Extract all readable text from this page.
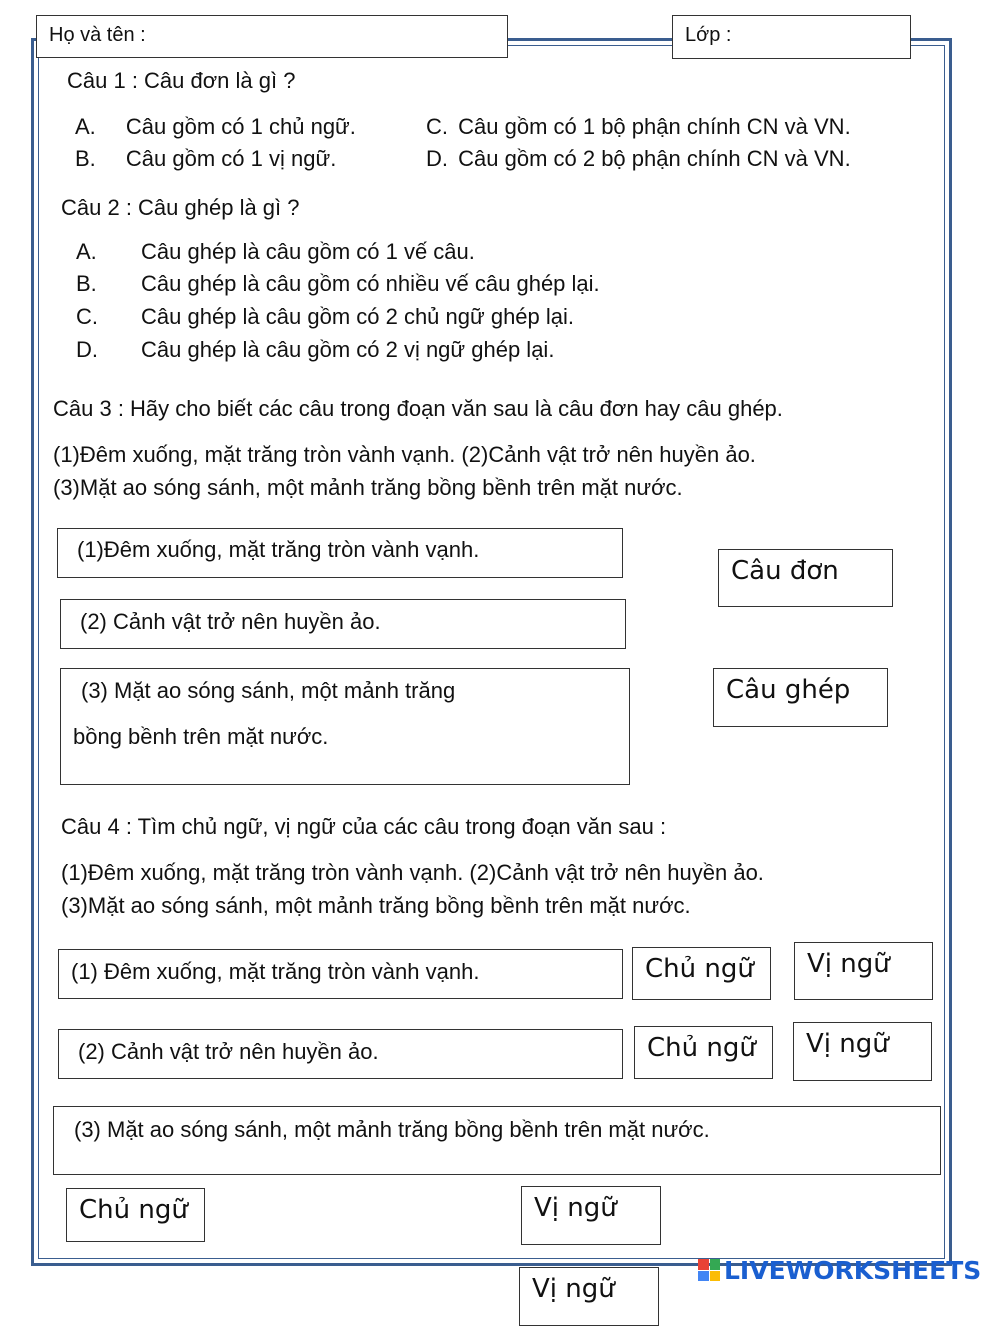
Họ và tên :	Lớp :
Câu 1 : Câu đơn là gì ?
A. Câu gồm có 1 chủ ngữ.	C. Câu gồm có 1 bộ phận chính CN và VN.
B. Câu gồm có 1 vị ngữ.	D. Câu gồm có 2 bộ phận chính CN và VN.
Câu 2 : Câu ghép là gì ?
A. Câu ghép là câu gồm có 1 vế câu.
B. Câu ghép là câu gồm có nhiều vế câu ghép lại.
C. Câu ghép là câu gồm có 2 chủ ngữ ghép lại.
D. Câu ghép là câu gồm có 2 vị ngữ ghép lại.
Câu 3 : Hãy cho biết các câu trong đoạn văn sau là câu đơn hay câu ghép.
(1)Đêm xuống, mặt trăng tròn vành vạnh. (2)Cảnh vật trở nên huyền ảo.
(3)Mặt ao sóng sánh, một mảnh trăng bồng bềnh trên mặt nước.
(1)Đêm xuống, mặt trăng tròn vành vạnh.
(2) Cảnh vật trở nên huyền ảo.
(3) Mặt ao sóng sánh, một mảnh trăng
bồng bềnh trên mặt nước.
Câu đơn
Câu ghép
Câu 4 : Tìm chủ ngữ, vị ngữ của các câu trong đoạn văn sau :
(1)Đêm xuống, mặt trăng tròn vành vạnh. (2)Cảnh vật trở nên huyền ảo.
(3)Mặt ao sóng sánh, một mảnh trăng bồng bềnh trên mặt nước.
(1) Đêm xuống, mặt trăng tròn vành vạnh.	Chủ ngữ	Vị ngữ
(2) Cảnh vật trở nên huyền ảo.	Chủ ngữ	Vị ngữ
(3) Mặt ao sóng sánh, một mảnh trăng bồng bềnh trên mặt nước.
Chủ ngữ	Vị ngữ
Vị ngữ
LIVEWORKSHEETS
